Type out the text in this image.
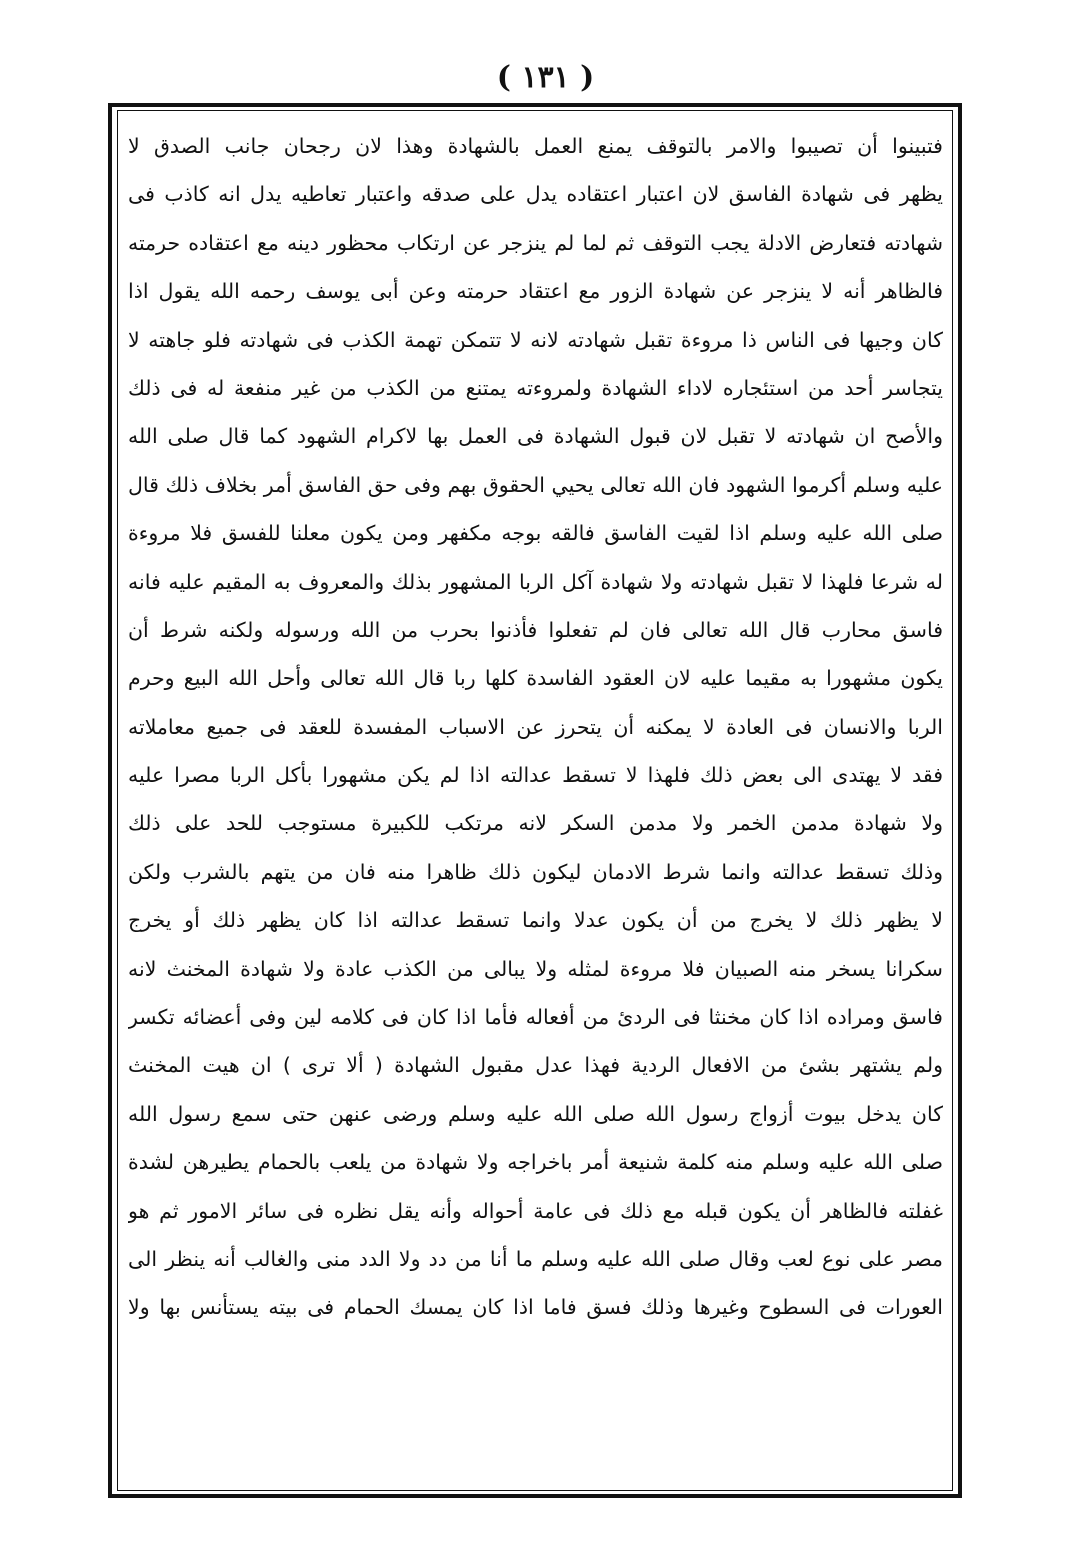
( ١٣١ )
فتبينوا أن تصيبوا والامر بالتوقف يمنع العمل بالشهادة وهذا لان رجحان جانب الصدق لا
يظهر فى شهادة الفاسق لان اعتبار اعتقاده يدل على صدقه واعتبار تعاطيه يدل انه كاذب فى
شهادته فتعارض الادلة يجب التوقف ثم لما لم ينزجر عن ارتكاب محظور دينه مع اعتقاده حرمته
فالظاهر أنه لا ينزجر عن شهادة الزور مع اعتقاد حرمته وعن أبى يوسف رحمه الله يقول اذا
كان وجيها فى الناس ذا مروءة تقبل شهادته لانه لا تتمكن تهمة الكذب فى شهادته فلو جاهته لا
يتجاسر أحد من استئجاره لاداء الشهادة ولمروءته يمتنع من الكذب من غير منفعة له فى ذلك
والأصح ان شهادته لا تقبل لان قبول الشهادة فى العمل بها لاكرام الشهود كما قال صلى الله
عليه وسلم أكرموا الشهود فان الله تعالى يحيي الحقوق بهم وفى حق الفاسق أمر بخلاف ذلك قال
صلى الله عليه وسلم اذا لقيت الفاسق فالقه بوجه مكفهر ومن يكون معلنا للفسق فلا مروءة
له شرعا فلهذا لا تقبل شهادته ولا شهادة آكل الربا المشهور بذلك والمعروف به المقيم عليه فانه
فاسق محارب قال الله تعالى فان لم تفعلوا فأذنوا بحرب من الله ورسوله ولكنه شرط أن
يكون مشهورا به مقيما عليه لان العقود الفاسدة كلها ربا قال الله تعالى وأحل الله البيع وحرم
الربا والانسان فى العادة لا يمكنه أن يتحرز عن الاسباب المفسدة للعقد فى جميع معاملاته
فقد لا يهتدى الى بعض ذلك فلهذا لا تسقط عدالته اذا لم يكن مشهورا بأكل الربا مصرا عليه
ولا شهادة مدمن الخمر ولا مدمن السكر لانه مرتكب للكبيرة مستوجب للحد على ذلك
وذلك تسقط عدالته وانما شرط الادمان ليكون ذلك ظاهرا منه فان من يتهم بالشرب ولكن
لا يظهر ذلك لا يخرج من أن يكون عدلا وانما تسقط عدالته اذا كان يظهر ذلك أو يخرج
سكرانا يسخر منه الصبيان فلا مروءة لمثله ولا يبالى من الكذب عادة ولا شهادة المخنث لانه
فاسق ومراده اذا كان مخنثا فى الردئ من أفعاله فأما اذا كان فى كلامه لين وفى أعضائه تكسر
ولم يشتهر بشئ من الافعال الردية فهذا عدل مقبول الشهادة ( ألا ترى ) ان هيت المخنث
كان يدخل بيوت أزواج رسول الله صلى الله عليه وسلم ورضى عنهن حتى سمع رسول الله
صلى الله عليه وسلم منه كلمة شنيعة أمر باخراجه ولا شهادة من يلعب بالحمام يطيرهن لشدة
غفلته فالظاهر أن يكون قبله مع ذلك فى عامة أحواله وأنه يقل نظره فى سائر الامور ثم هو
مصر على نوع لعب وقال صلى الله عليه وسلم ما أنا من دد ولا الدد منى والغالب أنه ينظر الى
العورات فى السطوح وغيرها وذلك فسق فاما اذا كان يمسك الحمام فى بيته يستأنس بها ولا
